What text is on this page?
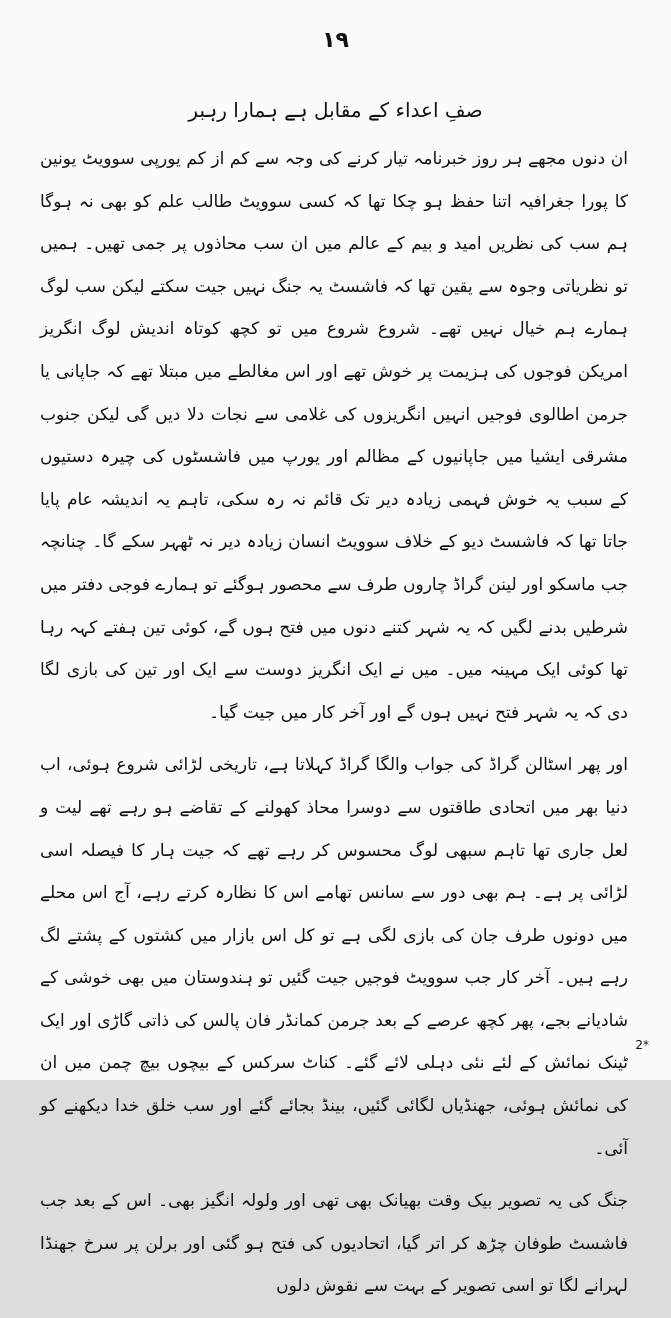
١٩
صفِ اعداء کے مقابل ہے ہمارا رہبر

ان دنوں مجھے ہر روز خبرنامہ تیار کرنے کی وجہ سے کم از کم یورپی سوویٹ یونین کا پورا جغرافیہ اتنا حفظ ہو چکا تھا کہ کسی سوویٹ طالب علم کو بھی نہ ہوگا ہم سب کی نظریں امید و بیم کے عالم میں ان سب محاذوں پر جمی تھیں۔ ہمیں تو نظریاتی وجوہ سے یقین تھا کہ فاشسٹ یہ جنگ نہیں جیت سکتے لیکن سب لوگ ہمارے ہم خیال نہیں تھے۔ شروع شروع میں تو کچھ کوتاہ اندیش لوگ انگریز امریکن فوجوں کی ہزیمت پر خوش تھے اور اس مغالطے میں مبتلا تھے کہ جاپانی یا جرمن اطالوی فوجیں انہیں انگریزوں کی غلامی سے نجات دلا دیں گی لیکن جنوب مشرقی ایشیا میں جاپانیوں کے مظالم اور یورپ میں فاشسٹوں کی چیرہ دستیوں کے سبب یہ خوش فہمی زیادہ دیر تک قائم نہ رہ سکی، تاہم یہ اندیشہ عام پایا جاتا تھا کہ فاشسٹ دیو کے خلاف سوویٹ انسان زیادہ دیر نہ ٹھہر سکے گا۔ چنانچہ جب ماسکو اور لینن گراڈ چاروں طرف سے محصور ہوگئے تو ہمارے فوجی دفتر میں شرطیں بدنے لگیں کہ یہ شہر کتنے دنوں میں فتح ہوں گے، کوئی تین ہفتے کہہ رہا تھا کوئی ایک مہینہ میں۔ میں نے ایک انگریز دوست سے ایک اور تین کی بازی لگا دی کہ یہ شہر فتح نہیں ہوں گے اور آخر کار میں جیت گیا۔

اور پھر اسٹالن گراڈ کی جواب والگا گراڈ کہلاتا ہے، تاریخی لڑائی شروع ہوئی، اب دنیا بھر میں اتحادی طاقتوں سے دوسرا محاذ کھولنے کے تقاضے ہو رہے تھے لیت و لعل جاری تھا تاہم سبھی لوگ محسوس کر رہے تھے کہ جیت ہار کا فیصلہ اسی لڑائی پر ہے۔ ہم بھی دور سے سانس تھامے اس کا نظارہ کرتے رہے، آج اس محلے میں دونوں طرف جان کی بازی لگی ہے تو کل اس بازار میں کشتوں کے پشتے لگ رہے ہیں۔ آخر کار جب سوویٹ فوجیں جیت گئیں تو ہندوستان میں بھی خوشی کے شادیانے بجے، پھر کچھ عرصے کے بعد جرمن کمانڈر فان پالس کی ذاتی گاڑی اور ایک ٹینک نمائش کے لئے نئی دہلی لائے گئے۔ کناٹ سرکس کے بیچوں بیچ چمن میں ان کی نمائش ہوئی، جھنڈیاں لگائی گئیں، بینڈ بجائے گئے اور سب خلق خدا دیکھنے کو آئی۔

جنگ کی یہ تصویر بیک وقت بھیانک بھی تھی اور ولولہ انگیز بھی۔ اس کے بعد جب فاشسٹ طوفان چڑھ کر اتر گیا، اتحادیوں کی فتح ہو گئی اور برلن پر سرخ جھنڈا لہرانے لگا تو اسی تصویر کے بہت سے نقوش دلوں

2*
